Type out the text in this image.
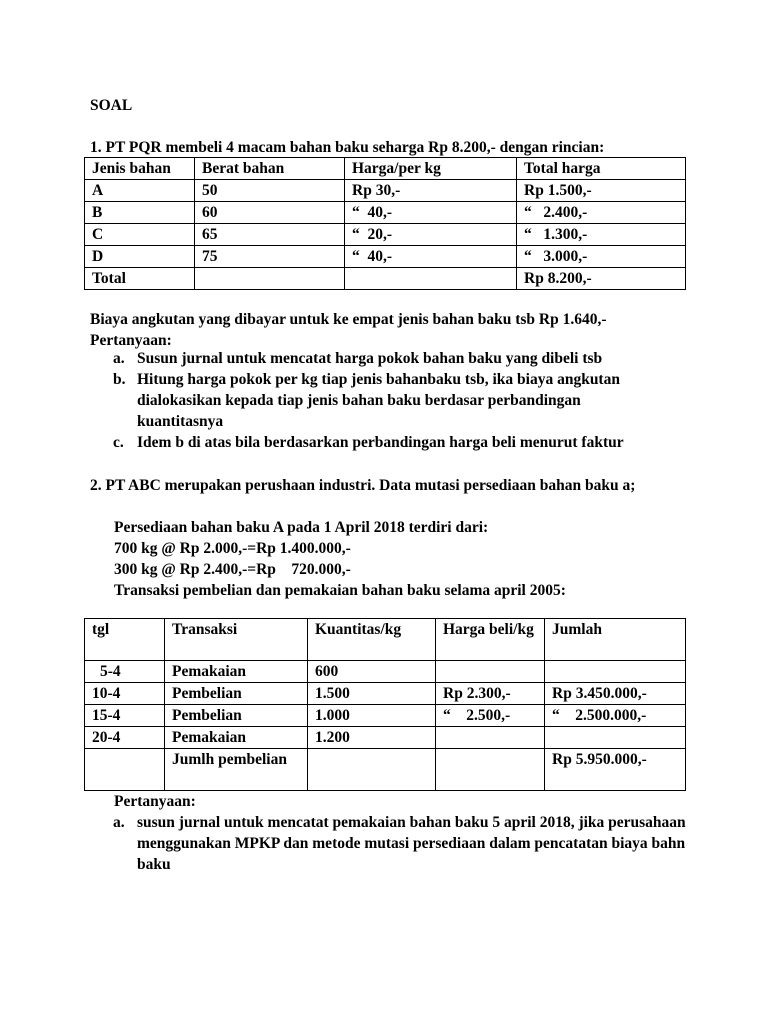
SOAL

1. PT PQR membeli 4 macam bahan baku seharga Rp 8.200,- dengan rincian:

Jenis bahan	Berat bahan	Harga/per kg	Total harga
A	50	Rp 30,-	Rp 1.500,-
B	60	“  40,-	“   2.400,-
C	65	“  20,-	“   1.300,-
D	75	“  40,-	“   3.000,-
Total			Rp 8.200,-

Biaya angkutan yang dibayar untuk ke empat jenis bahan baku tsb Rp 1.640,-

Pertanyaan:

a. Susun jurnal untuk mencatat harga pokok bahan baku yang dibeli tsb
b. Hitung harga pokok per kg tiap jenis bahanbaku tsb, ika biaya angkutan dialokasikan kepada tiap jenis bahan baku berdasar perbandingan kuantitasnya
c. Idem b di atas bila berdasarkan perbandingan harga beli menurut faktur

2. PT ABC merupakan perushaan industri. Data mutasi persediaan bahan baku a;

Persediaan bahan baku A pada 1 April 2018 terdiri dari:

700 kg @ Rp 2.000,-=Rp 1.400.000,-

300 kg @ Rp 2.400,-=Rp    720.000,-

Transaksi pembelian dan pemakaian bahan baku selama april 2005:

tgl	Transaksi	Kuantitas/kg	Harga beli/kg	Jumlah
5-4	Pemakaian	600		
10-4	Pembelian	1.500	Rp 2.300,-	Rp 3.450.000,-
15-4	Pembelian	1.000	“    2.500,-	“    2.500.000,-
20-4	Pemakaian	1.200		
	Jumlh pembelian			Rp 5.950.000,-

Pertanyaan:

a. susun jurnal untuk mencatat pemakaian bahan baku 5 april 2018, jika perusahaan menggunakan MPKP dan metode mutasi persediaan dalam pencatatan biaya bahn baku
